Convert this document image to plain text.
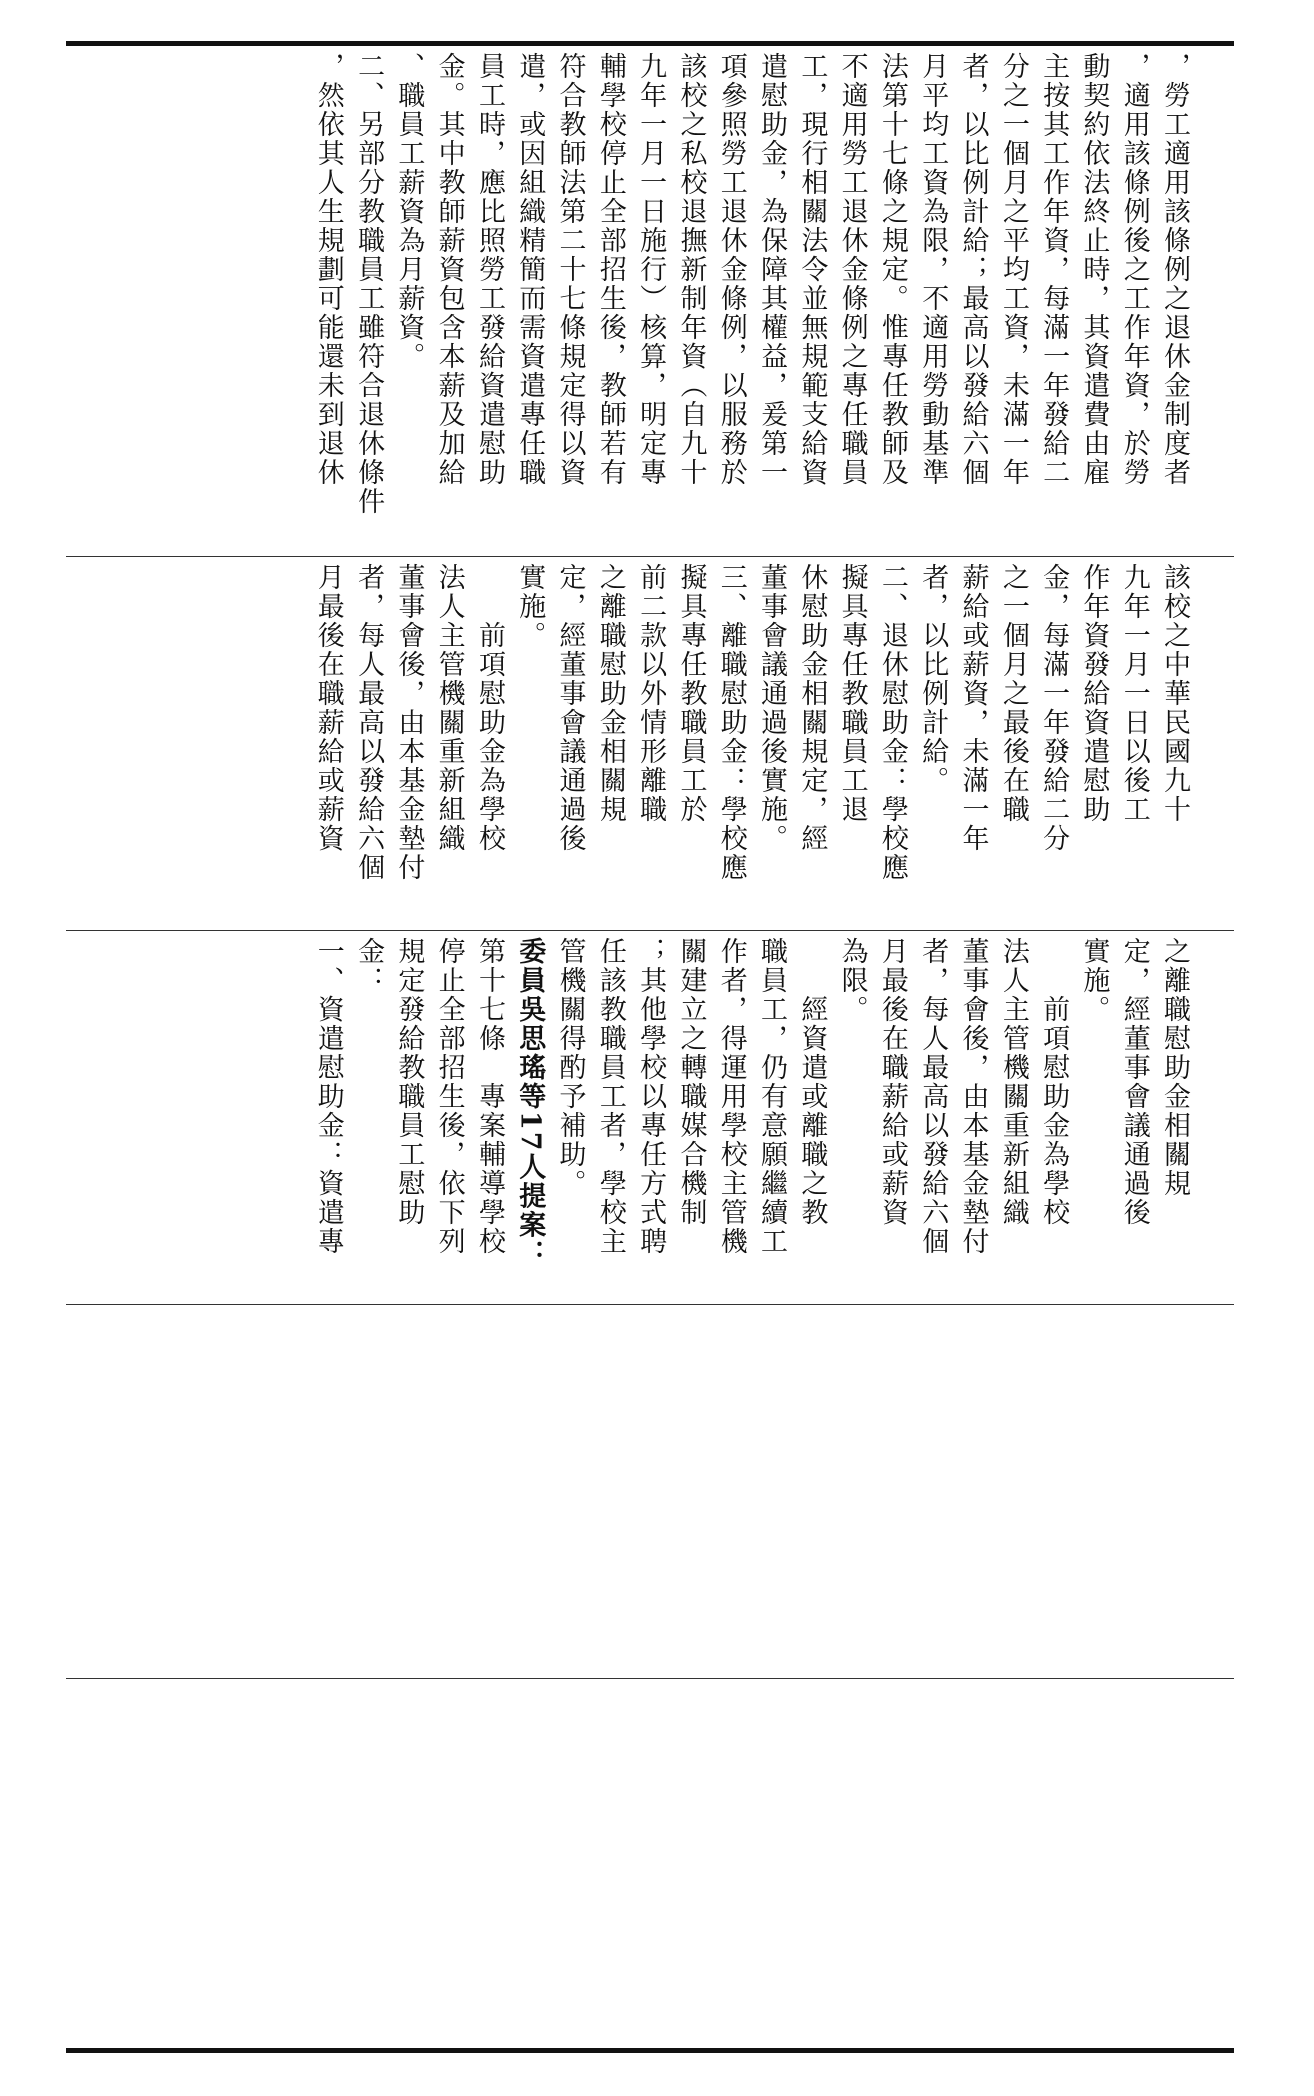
，勞工適用該條例之退休金制度者
，適用該條例後之工作年資，於勞
動契約依法終止時，其資遣費由雇
主按其工作年資，每滿一年發給二
分之一個月之平均工資，未滿一年
者，以比例計給；最高以發給六個
月平均工資為限，不適用勞動基準
法第十七條之規定。惟專任教師及
不適用勞工退休金條例之專任職員
工，現行相關法令並無規範支給資
遣慰助金，為保障其權益，爰第一
項參照勞工退休金條例，以服務於
該校之私校退撫新制年資（自九十
九年一月一日施行）核算，明定專
輔學校停止全部招生後，教師若有
符合教師法第二十七條規定得以資
遣，或因組織精簡而需資遣專任職
員工時，應比照勞工發給資遣慰助
金。其中教師薪資包含本薪及加給
、職員工薪資為月薪資。
二、另部分教職員工雖符合退休條件
，然依其人生規劃可能還未到退休
該校之中華民國九十
九年一月一日以後工
作年資發給資遣慰助
金，每滿一年發給二分
之一個月之最後在職
薪給或薪資，未滿一年
者，以比例計給。
二、退休慰助金：學校應
擬具專任教職員工退
休慰助金相關規定，經
董事會議通過後實施。
三、離職慰助金：學校應
擬具專任教職員工於
前二款以外情形離職
之離職慰助金相關規
定，經董事會議通過後
實施。
　　前項慰助金為學校
法人主管機關重新組織
董事會後，由本基金墊付
者，每人最高以發給六個
月最後在職薪給或薪資
之離職慰助金相關規
定，經董事會議通過後
實施。
　　前項慰助金為學校
法人主管機關重新組織
董事會後，由本基金墊付
者，每人最高以發給六個
月最後在職薪給或薪資
為限。
　　經資遣或離職之教
職員工，仍有意願繼續工
作者，得運用學校主管機
關建立之轉職媒合機制
；其他學校以專任方式聘
任該教職員工者，學校主
管機關得酌予補助。
委員吳思瑤等17人提案：
第十七條　專案輔導學校
停止全部招生後，依下列
規定發給教職員工慰助
金：
一、資遣慰助金：資遣專
